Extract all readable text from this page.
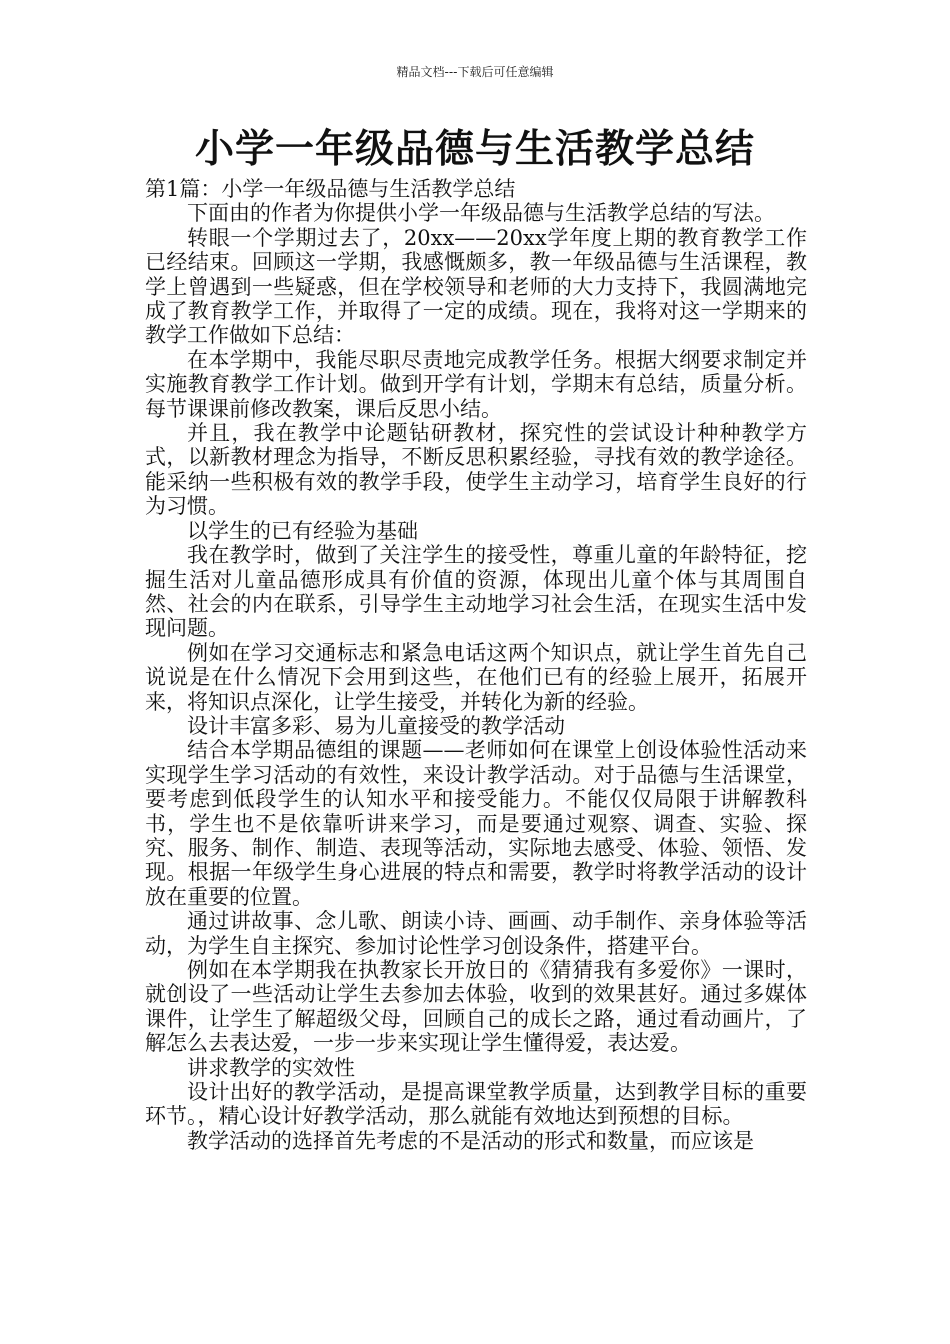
精品文档---下载后可任意编辑
小学一年级品德与生活教学总结

第1篇：小学一年级品德与生活教学总结

下面由的作者为你提供小学一年级品德与生活教学总结的写法。

转眼一个学期过去了，20xx——20xx学年度上期的教育教学工作已经结束。回顾这一学期，我感慨颇多，教一年级品德与生活课程，教学上曾遇到一些疑惑，但在学校领导和老师的大力支持下，我圆满地完成了教育教学工作，并取得了一定的成绩。现在，我将对这一学期来的教学工作做如下总结：

在本学期中，我能尽职尽责地完成教学任务。根据大纲要求制定并实施教育教学工作计划。做到开学有计划，学期末有总结，质量分析。每节课课前修改教案，课后反思小结。

并且，我在教学中论题钻研教材，探究性的尝试设计种种教学方式，以新教材理念为指导，不断反思积累经验，寻找有效的教学途径。能采纳一些积极有效的教学手段，使学生主动学习，培育学生良好的行为习惯。

以学生的已有经验为基础

我在教学时，做到了关注学生的接受性，尊重儿童的年龄特征，挖掘生活对儿童品德形成具有价值的资源，体现出儿童个体与其周围自然、社会的内在联系，引导学生主动地学习社会生活，在现实生活中发现问题。

例如在学习交通标志和紧急电话这两个知识点，就让学生首先自己说说是在什么情况下会用到这些，在他们已有的经验上展开，拓展开来，将知识点深化，让学生接受，并转化为新的经验。

设计丰富多彩、易为儿童接受的教学活动

结合本学期品德组的课题——老师如何在课堂上创设体验性活动来实现学生学习活动的有效性，来设计教学活动。对于品德与生活课堂，要考虑到低段学生的认知水平和接受能力。不能仅仅局限于讲解教科书，学生也不是依靠听讲来学习，而是要通过观察、调查、实验、探究、服务、制作、制造、表现等活动，实际地去感受、体验、领悟、发现。根据一年级学生身心进展的特点和需要，教学时将教学活动的设计放在重要的位置。

通过讲故事、念儿歌、朗读小诗、画画、动手制作、亲身体验等活动，为学生自主探究、参加讨论性学习创设条件，搭建平台。

例如在本学期我在执教家长开放日的《猜猜我有多爱你》一课时，就创设了一些活动让学生去参加去体验，收到的效果甚好。通过多媒体课件，让学生了解超级父母，回顾自己的成长之路，通过看动画片，了解怎么去表达爱，一步一步来实现让学生懂得爱，表达爱。

讲求教学的实效性

设计出好的教学活动，是提高课堂教学质量，达到教学目标的重要环节。，精心设计好教学活动，那么就能有效地达到预想的目标。

教学活动的选择首先考虑的不是活动的形式和数量，而应该是
